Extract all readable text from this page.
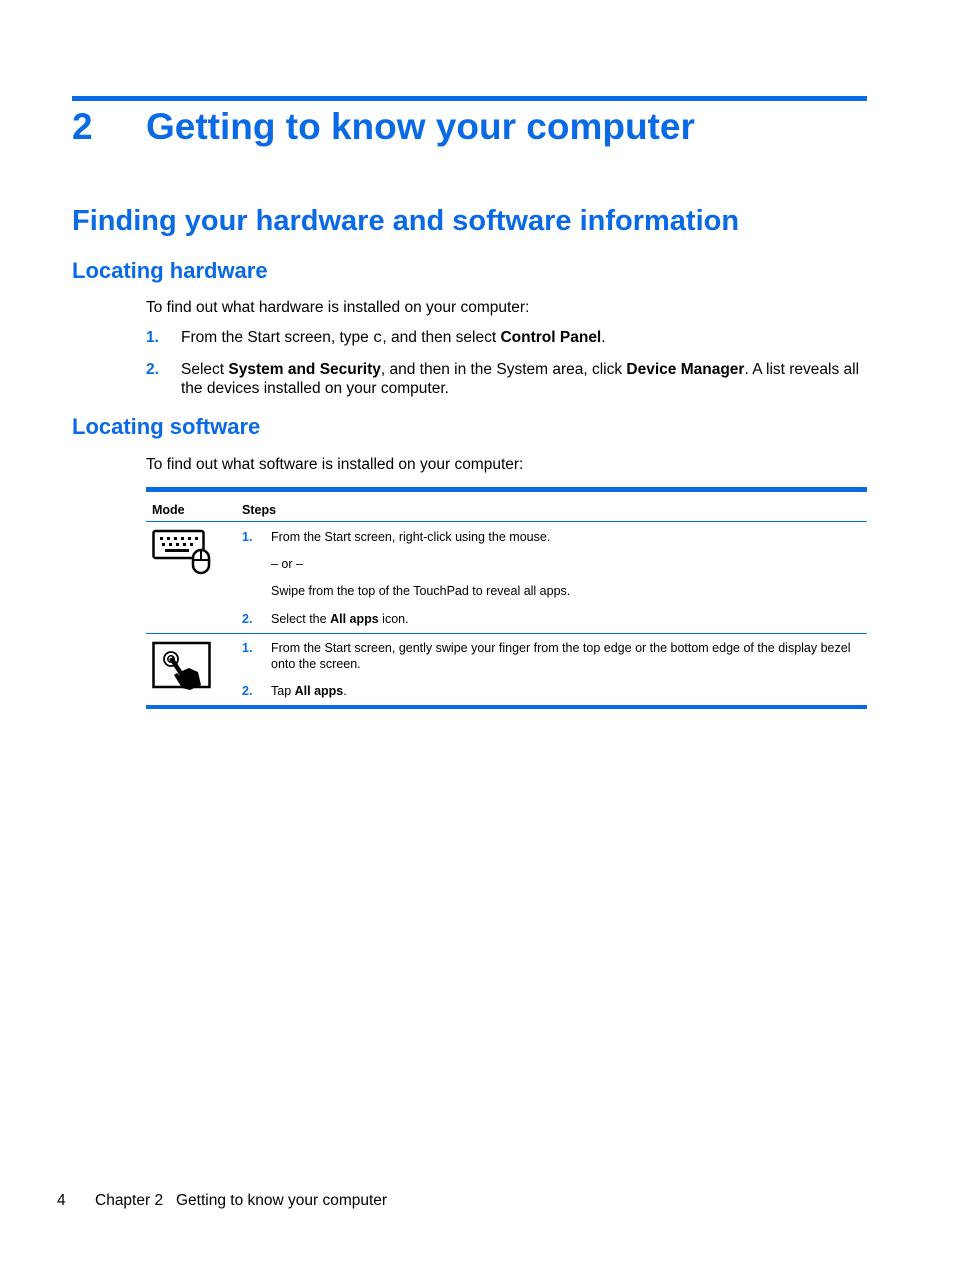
2 Getting to know your computer
Finding your hardware and software information
Locating hardware
To find out what hardware is installed on your computer:
1. From the Start screen, type c, and then select Control Panel.
2. Select System and Security, and then in the System area, click Device Manager. A list reveals all the devices installed on your computer.
Locating software
To find out what software is installed on your computer:
Mode	Steps
1. From the Start screen, right-click using the mouse.
– or –
Swipe from the top of the TouchPad to reveal all apps.
2. Select the All apps icon.
1. From the Start screen, gently swipe your finger from the top edge or the bottom edge of the display bezel onto the screen.
2. Tap All apps.
4 Chapter 2   Getting to know your computer
